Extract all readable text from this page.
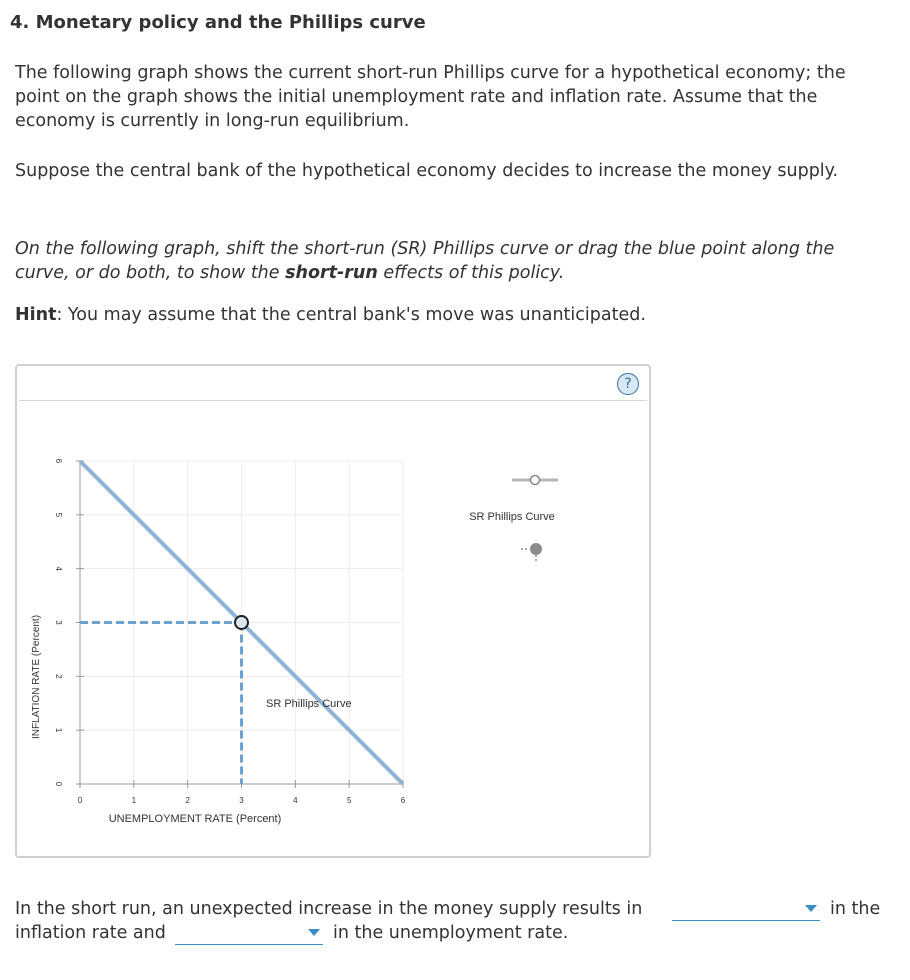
4. Monetary policy and the Phillips curve
The following graph shows the current short-run Phillips curve for a hypothetical economy; the
point on the graph shows the initial unemployment rate and inflation rate. Assume that the
economy is currently in long-run equilibrium.
Suppose the central bank of the hypothetical economy decides to increase the money supply.
On the following graph, shift the short-run (SR) Phillips curve or drag the blue point along the
curve, or do both, to show the short-run effects of this policy.
Hint: You may assume that the central bank's move was unanticipated.
?
0	1	2	3	4	5	6
0
1
2
3
4
5
6
INFLATION RATE (Percent)
UNEMPLOYMENT RATE (Percent)
SR Phillips Curve
SR Phillips Curve
In the short run, an unexpected increase in the money supply results in	in the
inflation rate and	in the unemployment rate.
